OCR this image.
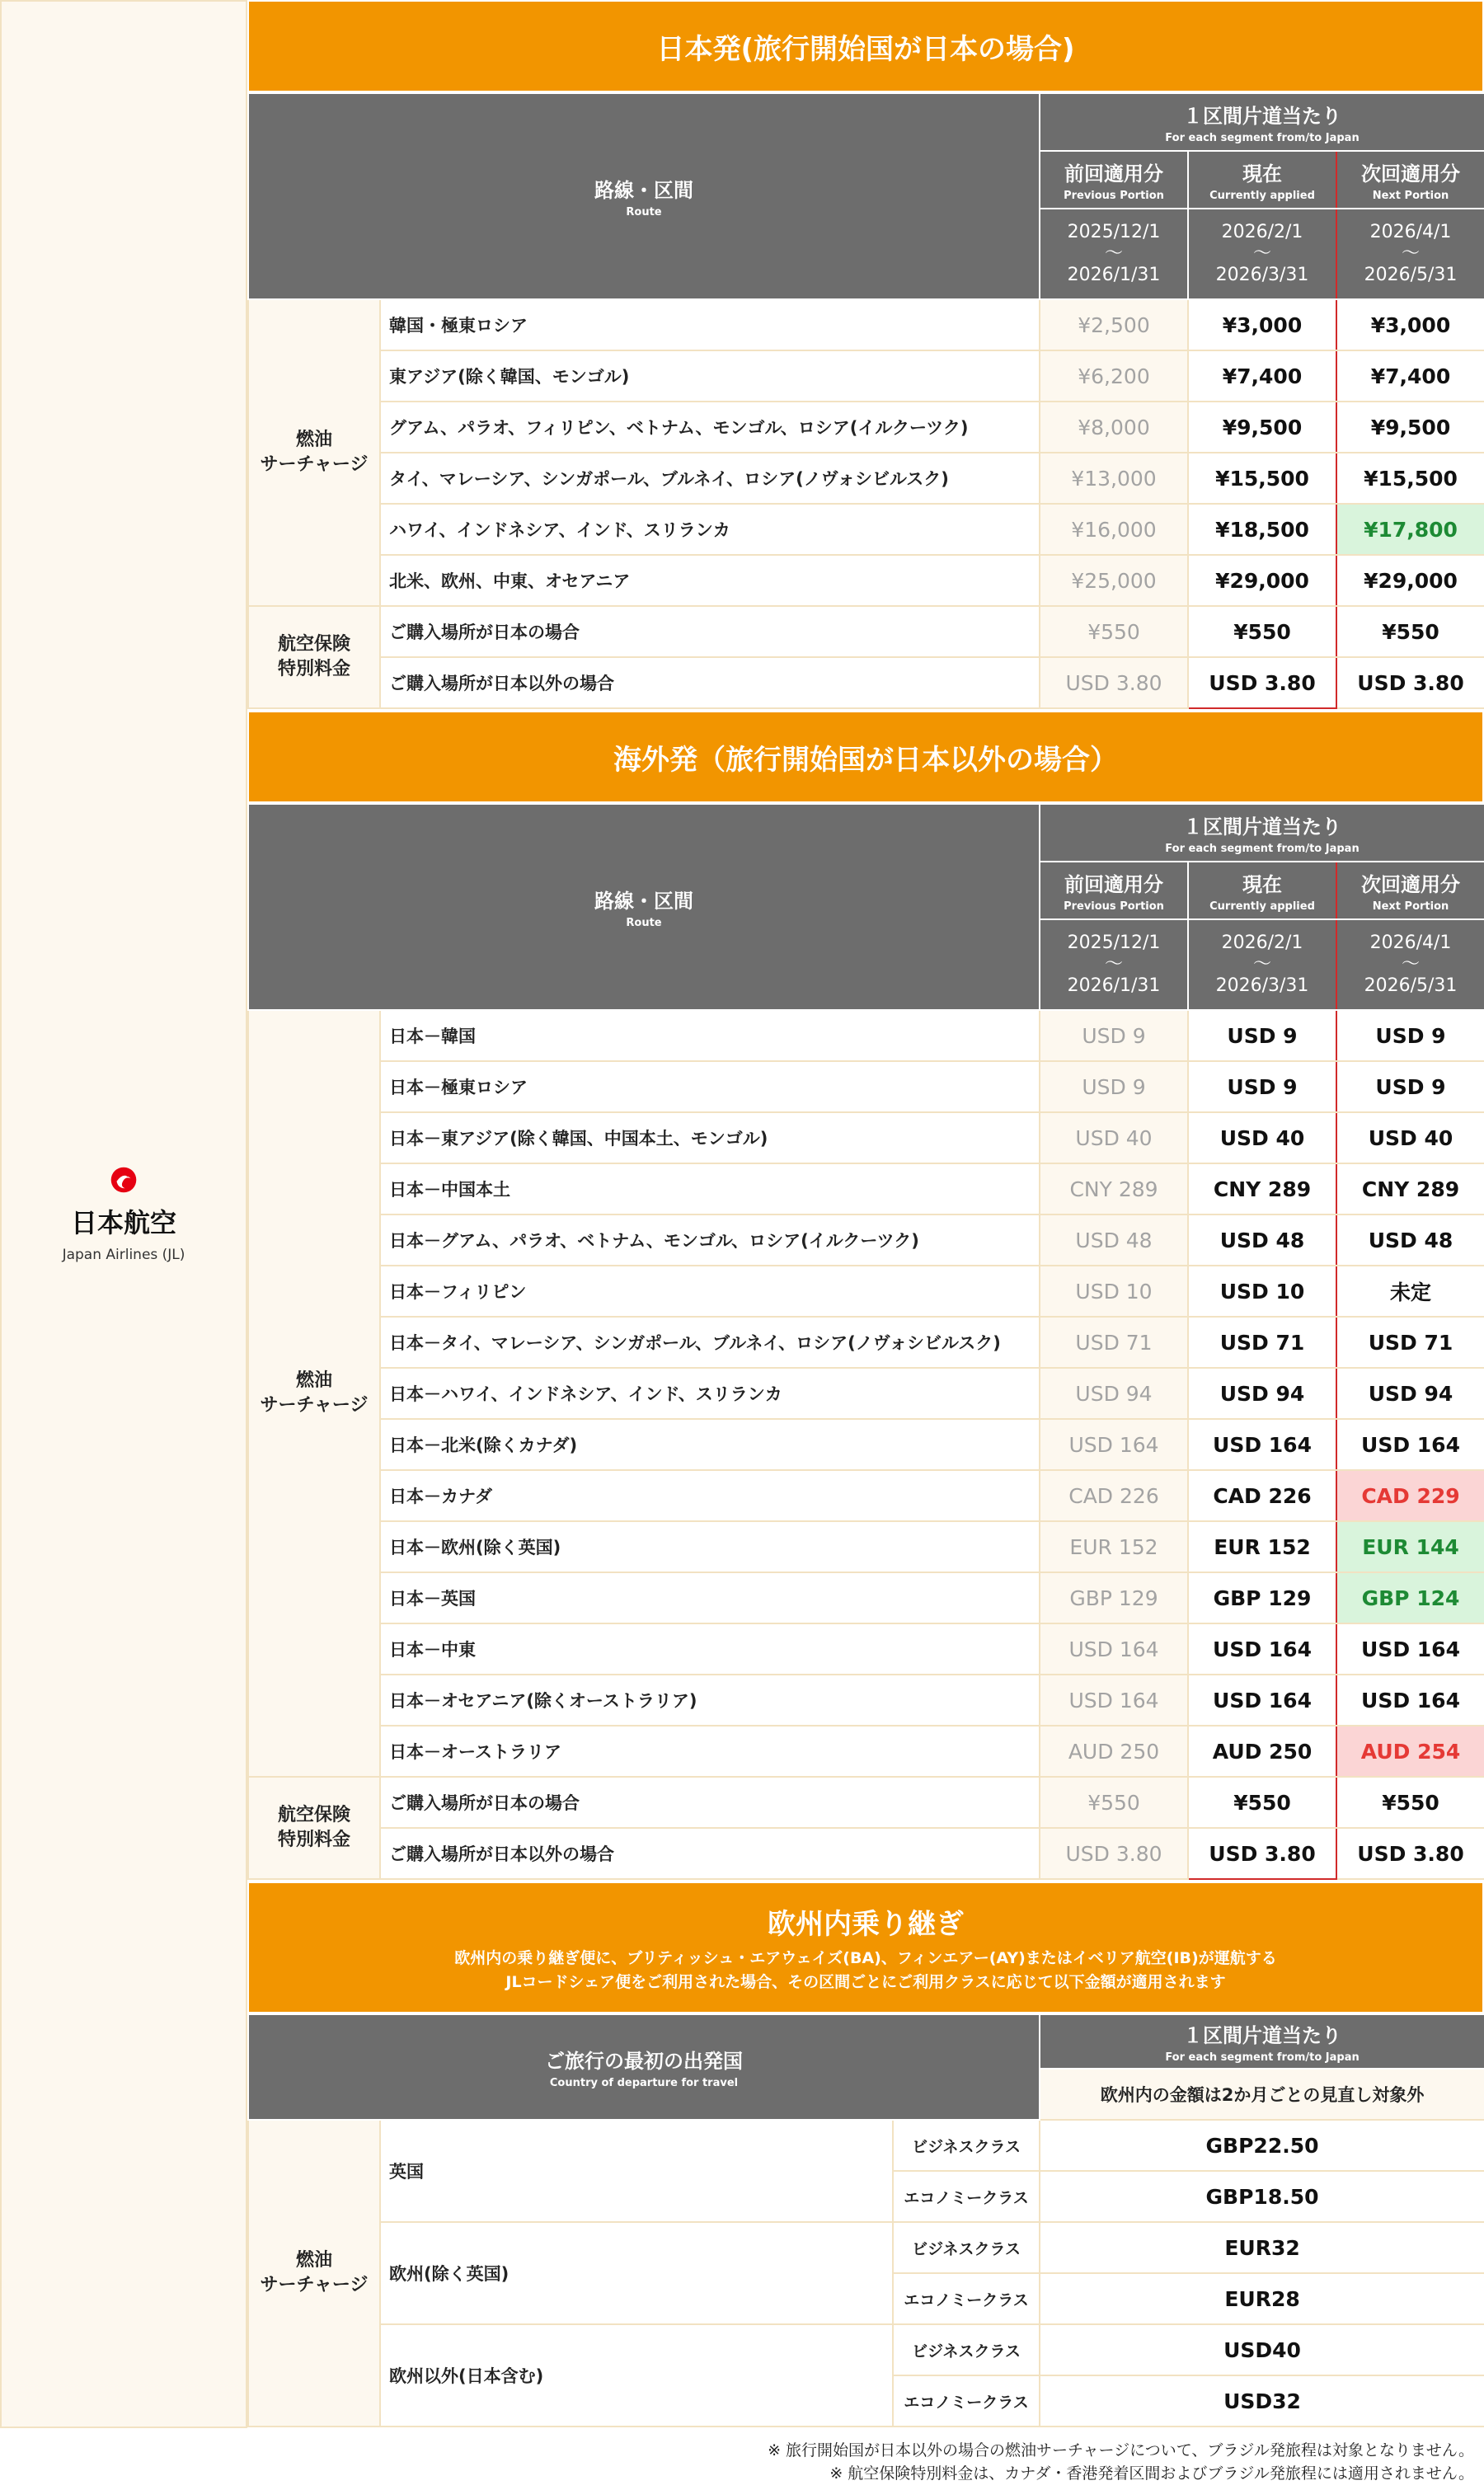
日本航空
Japan Airlines (JL)
日本発(旅行開始国が日本の場合)
路線・区間
Route		１区間片道当たり
For each segment from/to Japan		

		前回適用分
Previous Portion	現在
Currently applied	次回適用分
Next Portion

		2025/12/1
〜
2026/1/31	2026/2/1
〜
2026/3/31	2026/4/1
〜
2026/5/31

燃油
サーチャージ	韓国・極東ロシア	¥2,500	¥3,000	¥3,000
	東アジア(除く韓国、モンゴル)	¥6,200	¥7,400	¥7,400
	グアム、パラオ、フィリピン、ベトナム、モンゴル、ロシア(イルクーツク)	¥8,000	¥9,500	¥9,500
	タイ、マレーシア、シンガポール、ブルネイ、ロシア(ノヴォシビルスク)	¥13,000	¥15,500	¥15,500
	ハワイ、インドネシア、インド、スリランカ	¥16,000	¥18,500	¥17,800
	北米、欧州、中東、オセアニア	¥25,000	¥29,000	¥29,000

航空保険
特別料金	ご購入場所が日本の場合	¥550	¥550	¥550
	ご購入場所が日本以外の場合	USD 3.80	USD 3.80	USD 3.80
海外発（旅行開始国が日本以外の場合）
路線・区間
Route		１区間片道当たり
For each segment from/to Japan		

		前回適用分
Previous Portion	現在
Currently applied	次回適用分
Next Portion

		2025/12/1
〜
2026/1/31	2026/2/1
〜
2026/3/31	2026/4/1
〜
2026/5/31

燃油
サーチャージ	日本－韓国	USD 9	USD 9	USD 9
	日本－極東ロシア	USD 9	USD 9	USD 9
	日本－東アジア(除く韓国、中国本土、モンゴル)	USD 40	USD 40	USD 40
	日本－中国本土	CNY 289	CNY 289	CNY 289
	日本－グアム、パラオ、ベトナム、モンゴル、ロシア(イルクーツク)	USD 48	USD 48	USD 48
	日本－フィリピン	USD 10	USD 10	未定
	日本－タイ、マレーシア、シンガポール、ブルネイ、ロシア(ノヴォシビルスク)	USD 71	USD 71	USD 71
	日本－ハワイ、インドネシア、インド、スリランカ	USD 94	USD 94	USD 94
	日本－北米(除くカナダ)	USD 164	USD 164	USD 164
	日本－カナダ	CAD 226	CAD 226	CAD 229
	日本－欧州(除く英国)	EUR 152	EUR 152	EUR 144
	日本－英国	GBP 129	GBP 129	GBP 124
	日本－中東	USD 164	USD 164	USD 164
	日本－オセアニア(除くオーストラリア)	USD 164	USD 164	USD 164
	日本－オーストラリア	AUD 250	AUD 250	AUD 254

航空保険
特別料金	ご購入場所が日本の場合	¥550	¥550	¥550
	ご購入場所が日本以外の場合	USD 3.80	USD 3.80	USD 3.80
欧州内乗り継ぎ
欧州内の乗り継ぎ便に、ブリティッシュ・エアウェイズ(BA)、フィンエアー(AY)またはイベリア航空(IB)が運航する
JLコードシェア便をご利用された場合、その区間ごとにご利用クラスに応じて以下金額が適用されます
ご旅行の最初の出発国
Country of departure for travel			１区間片道当たり
For each segment from/to Japan

			欧州内の金額は2か月ごとの見直し対象外

燃油
サーチャージ	英国	ビジネスクラス	GBP22.50
		エコノミークラス	GBP18.50
	欧州(除く英国)	ビジネスクラス	EUR32
		エコノミークラス	EUR28
	欧州以外(日本含む)	ビジネスクラス	USD40
		エコノミークラス	USD32
※ 旅行開始国が日本以外の場合の燃油サーチャージについて、ブラジル発旅程は対象となりません。
※ 航空保険特別料金は、カナダ・香港発着区間およびブラジル発旅程には適用されません。
